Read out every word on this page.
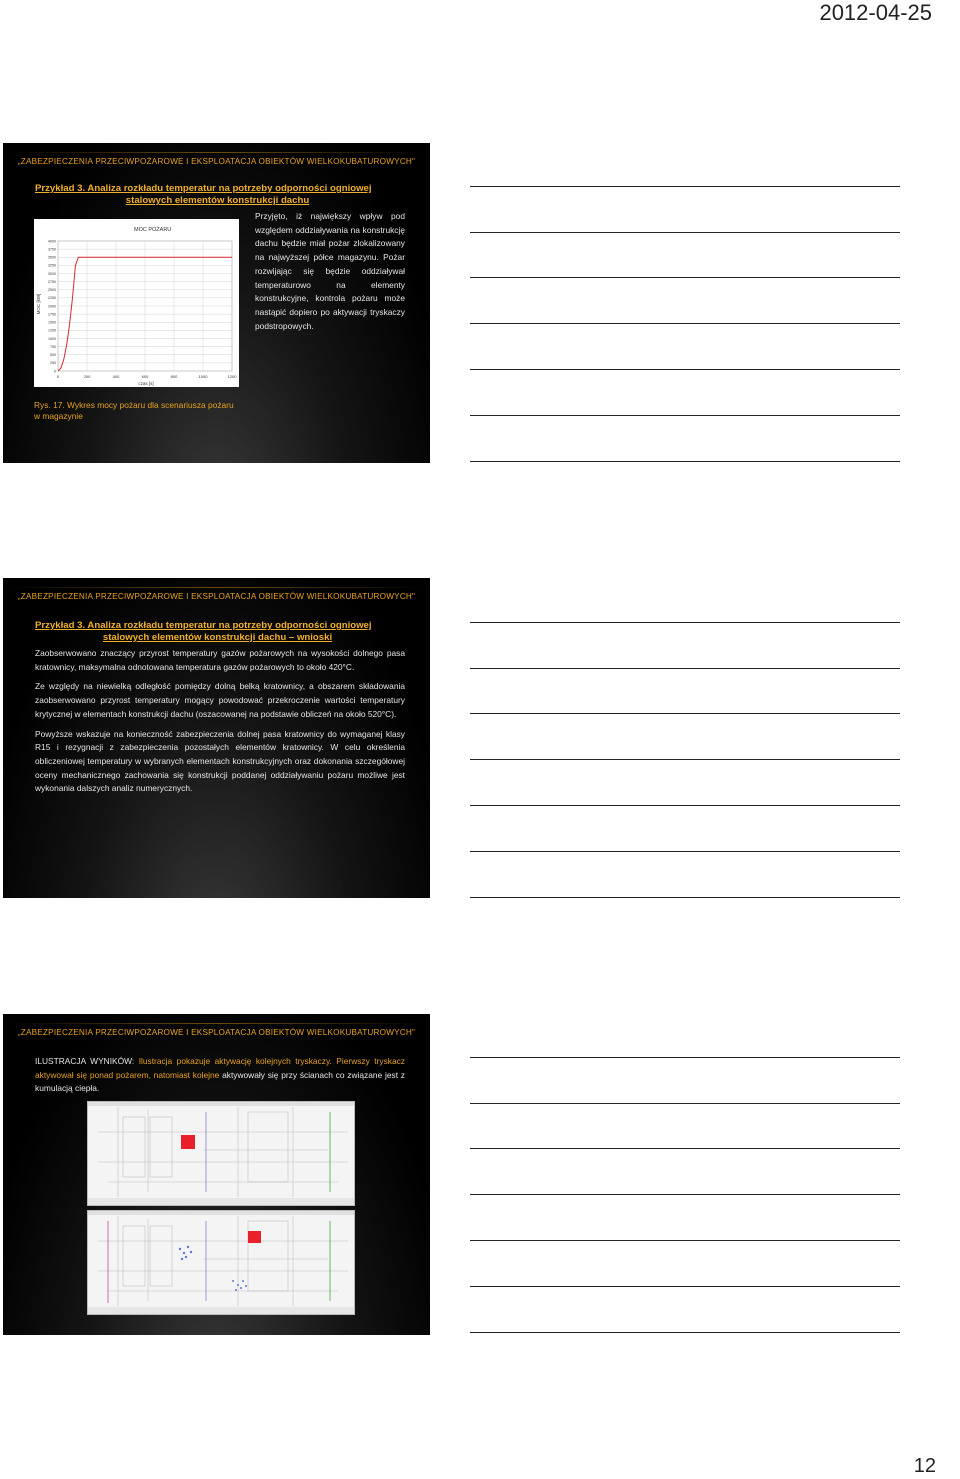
2012-04-25
„ZABEZPIECZENIA PRZECIWPOŻAROWE I EKSPLOATACJA OBIEKTÓW WIELKOKUBATUROWYCH"
Przykład 3. Analiza rozkładu temperatur na potrzeby odporności ogniowej
stalowych elementów konstrukcji dachu
MOC POŻARU
MOC [kW]
czas [s]
0	200	400	600	800	1000	1200
0
250
500
750
1000
1250
1500
1750
2000
2250
2500
2750
3000
3250
3500
3750
4000
Przyjęto, iż największy wpływ pod względem oddziaływania na konstrukcję dachu będzie miał pożar zlokalizowany na najwyższej półce magazynu. Pożar rozwijając się będzie oddziaływał temperaturowo na elementy konstrukcyjne, kontrola pożaru może nastąpić dopiero po aktywacji tryskaczy podstropowych.
Rys. 17. Wykres mocy pożaru dla scenariusza pożaru w magazynie
„ZABEZPIECZENIA PRZECIWPOŻAROWE I EKSPLOATACJA OBIEKTÓW WIELKOKUBATUROWYCH"
Przykład 3. Analiza rozkładu temperatur na potrzeby odporności ogniowej
stalowych elementów konstrukcji dachu – wnioski

Zaobserwowano znaczący przyrost temperatury gazów pożarowych na wysokości dolnego pasa kratownicy, maksymalna odnotowana temperatura gazów pożarowych to około 420°C.

Ze względy na niewielką odległość pomiędzy dolną belką kratownicy, a obszarem składowania zaobserwowano przyrost temperatury mogący powodować przekroczenie wartości temperatury krytycznej w elementach konstrukcji dachu (oszacowanej na podstawie obliczeń na około 520°C).

Powyższe wskazuje na konieczność zabezpieczenia dolnej pasa kratownicy do wymaganej klasy R15 i rezygnacji z zabezpieczenia pozostałych elementów kratownicy. W celu określenia obliczeniowej temperatury w wybranych elementach konstrukcyjnych oraz dokonania szczegółowej oceny mechanicznego zachowania się konstrukcji poddanej oddziaływaniu pożaru możliwe jest wykonania dalszych analiz numerycznych.

„ZABEZPIECZENIA PRZECIWPOŻAROWE I EKSPLOATACJA OBIEKTÓW WIELKOKUBATUROWYCH"
ILUSTRACJA WYNIKÓW: Ilustracja pokazuje aktywację kolejnych tryskaczy. Pierwszy tryskacz aktywował się ponad pożarem, natomiast kolejne aktywowały się przy ścianach co związane jest z kumulacją ciepła.
12
